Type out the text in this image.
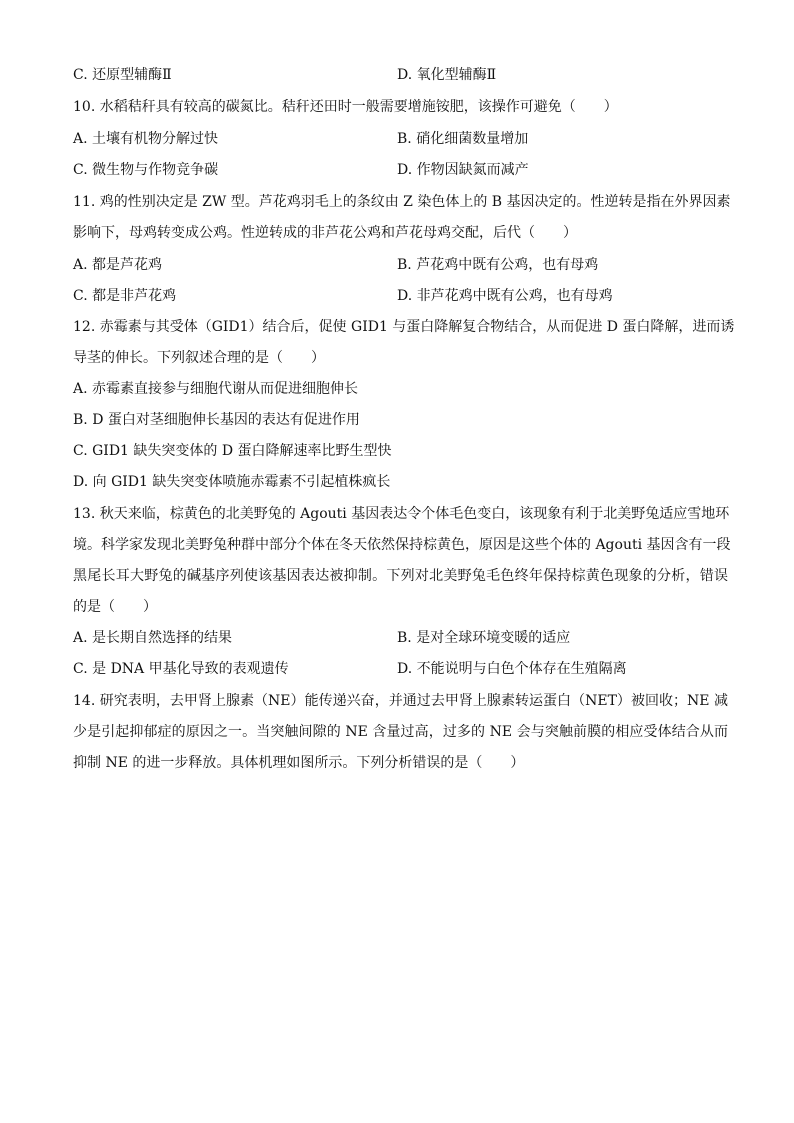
C. 还原型辅酶Ⅱ	D. 氧化型辅酶Ⅱ
10. 水稻秸秆具有较高的碳氮比。秸秆还田时一般需要增施铵肥，该操作可避免（　　）
A. 土壤有机物分解过快	B. 硝化细菌数量增加
C. 微生物与作物竞争碳	D. 作物因缺氮而减产
11. 鸡的性别决定是 ZW 型。芦花鸡羽毛上的条纹由 Z 染色体上的 B 基因决定的。性逆转是指在外界因素
影响下，母鸡转变成公鸡。性逆转成的非芦花公鸡和芦花母鸡交配，后代（　　）
A. 都是芦花鸡	B. 芦花鸡中既有公鸡，也有母鸡
C. 都是非芦花鸡	D. 非芦花鸡中既有公鸡，也有母鸡
12. 赤霉素与其受体（GID1）结合后，促使 GID1 与蛋白降解复合物结合，从而促进 D 蛋白降解，进而诱
导茎的伸长。下列叙述合理的是（　　）
A. 赤霉素直接参与细胞代谢从而促进细胞伸长
B. D 蛋白对茎细胞伸长基因的表达有促进作用
C. GID1 缺失突变体的 D 蛋白降解速率比野生型快
D. 向 GID1 缺失突变体喷施赤霉素不引起植株疯长
13. 秋天来临，棕黄色的北美野兔的 Agouti 基因表达令个体毛色变白，该现象有利于北美野兔适应雪地环
境。科学家发现北美野兔种群中部分个体在冬天依然保持棕黄色，原因是这些个体的 Agouti 基因含有一段
黑尾长耳大野兔的碱基序列使该基因表达被抑制。下列对北美野兔毛色终年保持棕黄色现象的分析，错误
的是（　　）
A. 是长期自然选择的结果	B. 是对全球环境变暖的适应
C. 是 DNA 甲基化导致的表观遗传	D. 不能说明与白色个体存在生殖隔离
14. 研究表明，去甲肾上腺素（NE）能传递兴奋，并通过去甲肾上腺素转运蛋白（NET）被回收；NE 减
少是引起抑郁症的原因之一。当突触间隙的 NE 含量过高，过多的 NE 会与突触前膜的相应受体结合从而
抑制 NE 的进一步释放。具体机理如图所示。下列分析错误的是（　　）
